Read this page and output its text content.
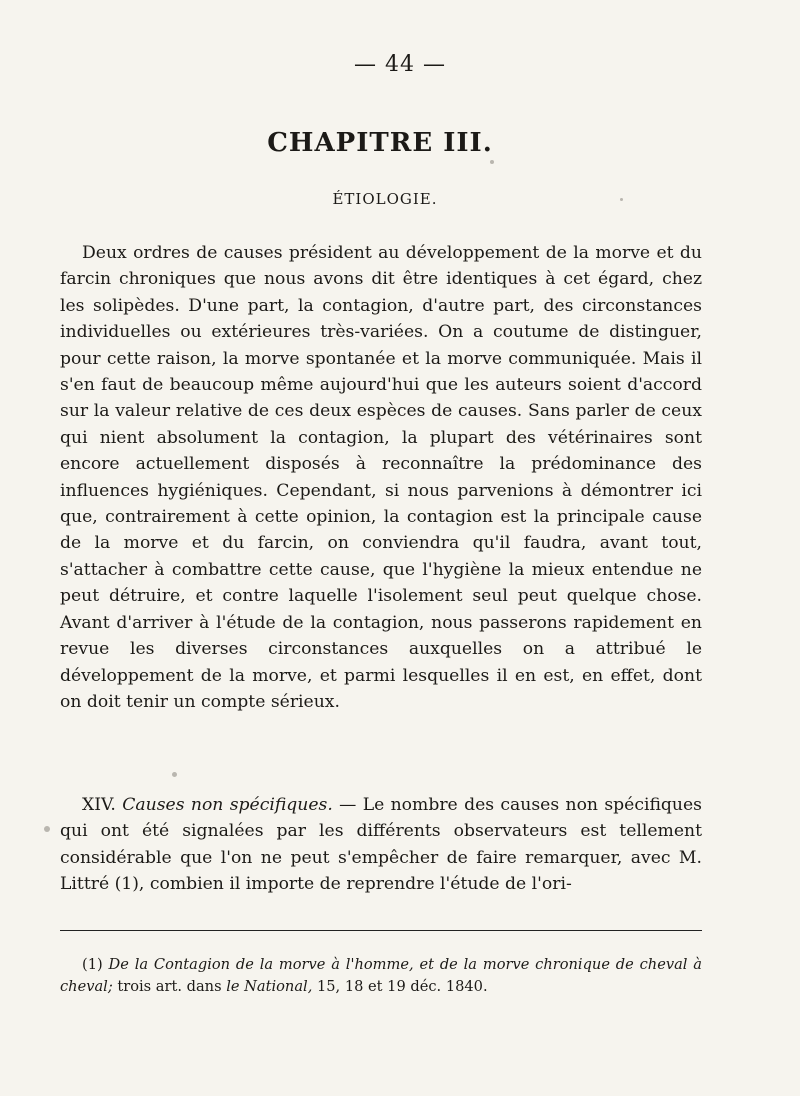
— 44 —
CHAPITRE III.
ÉTIOLOGIE.
Deux ordres de causes président au développement de la morve et du farcin chroniques que nous avons dit être identiques à cet égard, chez les solipèdes. D'une part, la contagion, d'autre part, des circonstances individuelles ou extérieures très-variées. On a coutume de distinguer, pour cette raison, la morve spontanée et la morve communiquée. Mais il s'en faut de beaucoup même aujourd'hui que les auteurs soient d'accord sur la valeur relative de ces deux espèces de causes. Sans parler de ceux qui nient absolument la contagion, la plupart des vétérinaires sont encore actuellement disposés à reconnaître la prédominance des influences hygiéniques. Cependant, si nous parvenions à démontrer ici que, contrairement à cette opinion, la contagion est la principale cause de la morve et du farcin, on conviendra qu'il faudra, avant tout, s'attacher à combattre cette cause, que l'hygiène la mieux entendue ne peut détruire, et contre laquelle l'isolement seul peut quelque chose. Avant d'arriver à l'étude de la contagion, nous passerons rapidement en revue les diverses circonstances auxquelles on a attribué le développement de la morve, et parmi lesquelles il en est, en effet, dont on doit tenir un compte sérieux.
XIV. Causes non spécifiques. — Le nombre des causes non spécifiques qui ont été signalées par les différents observateurs est tellement considérable que l'on ne peut s'empêcher de faire remarquer, avec M. Littré (1), combien il importe de reprendre l'étude de l'ori-
(1) De la Contagion de la morve à l'homme, et de la morve chronique de cheval à cheval; trois art. dans le National, 15, 18 et 19 déc. 1840.
